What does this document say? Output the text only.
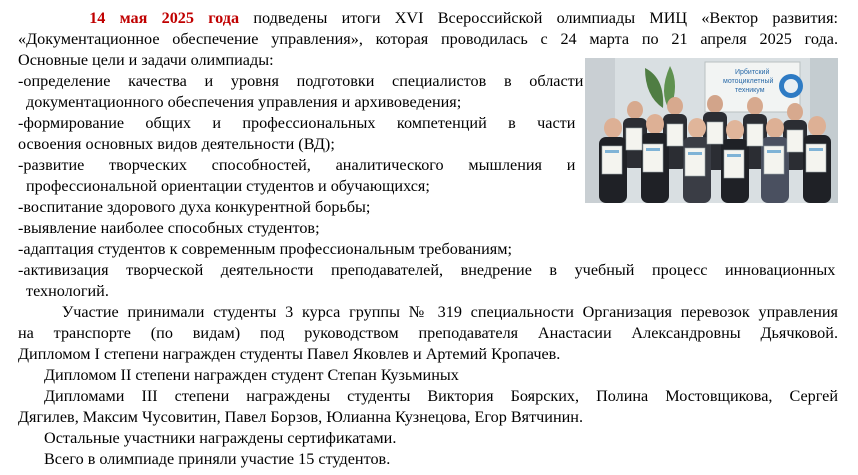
14 мая 2025 года подведены итоги XVI Всероссийской олимпиады МИЦ «Вектор развития:
«Документационное обеспечение управления», которая проводилась с 24 марта по 21 апреля 2025 года.
Основные цели и задачи олимпиады:
-определение качества и уровня подготовки специалистов в области
документационного обеспечения управления и архивоведения;
-формирование общих и профессиональных компетенций в части
освоения основных видов деятельности (ВД);
-развитие творческих способностей, аналитического мышления и
профессиональной ориентации студентов и обучающихся;
-воспитание здорового духа конкурентной борьбы;
-выявление наиболее способных студентов;
-адаптация студентов к современным профессиональным требованиям;
-активизация творческой деятельности преподавателей, внедрение в учебный процесс инновационных
технологий.
Участие принимали студенты 3 курса группы № 319 специальности Организация перевозок управления
на транспорте (по видам) под руководством преподавателя Анастасии Александровны Дьячковой.
Дипломом I степени награжден студенты Павел Яковлев и Артемий Кропачев.
Дипломом II степени награжден студент Степан Кузьминых
Дипломами III степени награждены студенты Виктория Боярских, Полина Мостовщикова, Сергей
Дягилев, Максим Чусовитин, Павел Борзов, Юлианна Кузнецова, Егор Вятчинин.
Остальные участники награждены сертификатами.
Всего в олимпиаде приняли участие 15 студентов.
Ирбитский
мотоциклетный
техникум
